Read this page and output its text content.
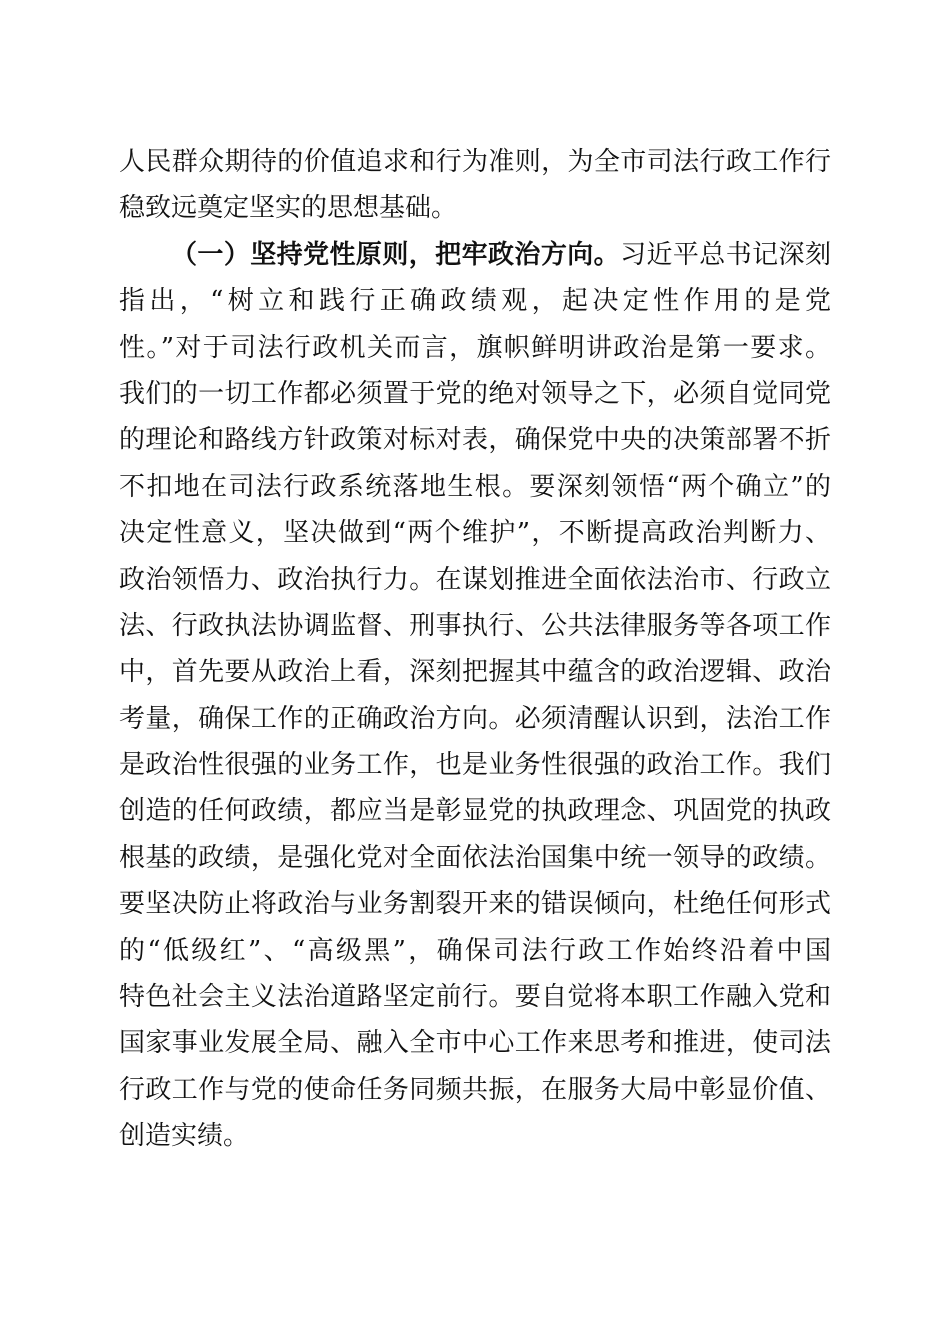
人民群众期待的价值追求和行为准则，为全市司法行政工作行
稳致远奠定坚实的思想基础。
（一）坚持党性原则，把牢政治方向。习近平总书记深刻
指出，“树立和践行正确政绩观，起决定性作用的是党
性。”对于司法行政机关而言，旗帜鲜明讲政治是第一要求。
我们的一切工作都必须置于党的绝对领导之下，必须自觉同党
的理论和路线方针政策对标对表，确保党中央的决策部署不折
不扣地在司法行政系统落地生根。要深刻领悟“两个确立”的
决定性意义，坚决做到“两个维护”，不断提高政治判断力、
政治领悟力、政治执行力。在谋划推进全面依法治市、行政立
法、行政执法协调监督、刑事执行、公共法律服务等各项工作
中，首先要从政治上看，深刻把握其中蕴含的政治逻辑、政治
考量，确保工作的正确政治方向。必须清醒认识到，法治工作
是政治性很强的业务工作，也是业务性很强的政治工作。我们
创造的任何政绩，都应当是彰显党的执政理念、巩固党的执政
根基的政绩，是强化党对全面依法治国集中统一领导的政绩。
要坚决防止将政治与业务割裂开来的错误倾向，杜绝任何形式
的“低级红”、“高级黑”，确保司法行政工作始终沿着中国
特色社会主义法治道路坚定前行。要自觉将本职工作融入党和
国家事业发展全局、融入全市中心工作来思考和推进，使司法
行政工作与党的使命任务同频共振，在服务大局中彰显价值、
创造实绩。
